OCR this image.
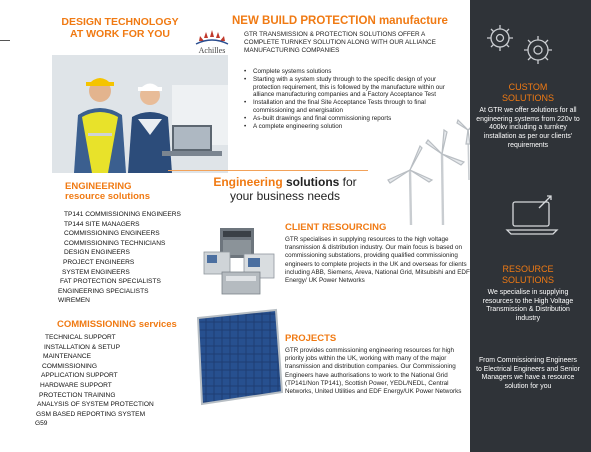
DESIGN TECHNOLOGY
AT WORK FOR YOU
Achilles
NEW BUILD PROTECTION manufacture
GTR TRANSMISSION & PROTECTION SOLUTIONS OFFER A COMPLETE TURNKEY SOLUTION ALONG WITH OUR ALLIANCE MANUFACTURING COMPANIES
• Complete systems solutions
• Starting with a system study through to the specific design of your protection requirement, this is followed by the manufacture within our alliance manufacturing companies and a Factory Acceptance Test
• Installation and the final Site Acceptance Tests through to final commissioning and energisation
• As-built drawings and final commissioning reports
• A complete engineering solution
Engineering solutions for
your business needs
ENGINEERING
resource solutions
TP141 COMMISSIONING ENGINEERS
TP144 SITE MANAGERS
COMMISSIONING ENGINEERS
COMMISSIONING TECHNICIANS
DESIGN ENGINEERS
PROJECT ENGINEERS
SYSTEM ENGINEERS
FAT PROTECTION SPECIALISTS
ENGINEERING SPECIALISTS
WIREMEN
COMMISSIONING services
TECHNICAL SUPPORT
INSTALLATION & SETUP
MAINTENANCE
COMMISSIONING
APPLICATION SUPPORT
HARDWARE SUPPORT
PROTECTION TRAINING
ANALYSIS OF SYSTEM PROTECTION
GSM BASED REPORTING SYSTEM
G59
CLIENT RESOURCING
GTR specialises in supplying resources to the high voltage transmission & distribution industry. Our main focus is based on commissioning substations, providing qualified commissioning engineers to complete projects in the UK and overseas for clients including ABB, Siemens, Areva, National Grid, Mitsubishi and EDF Energy/ UK Power Networks
PROJECTS
GTR provides commissioning engineering resources for high priority jobs within the UK, working with many of the major transmission and distribution companies. Our Commissioning Engineers have authorisations to work to the National Grid (TP141/Non TP141), Scottish Power, YEDL/NEDL, Central Networks, United Utilities and EDF Energy/UK Power Networks
CUSTOM
SOLUTIONS
At GTR we offer solutions for all engineering systems from 220v to 400kv including a turnkey installation as per our clients' requirements
RESOURCE
SOLUTIONS
We specialise in supplying resources to the High Voltage Transmission & Distribution industry
From Commissioning Engineers to Electrical Engineers and Senior Managers we have a resource solution for you
